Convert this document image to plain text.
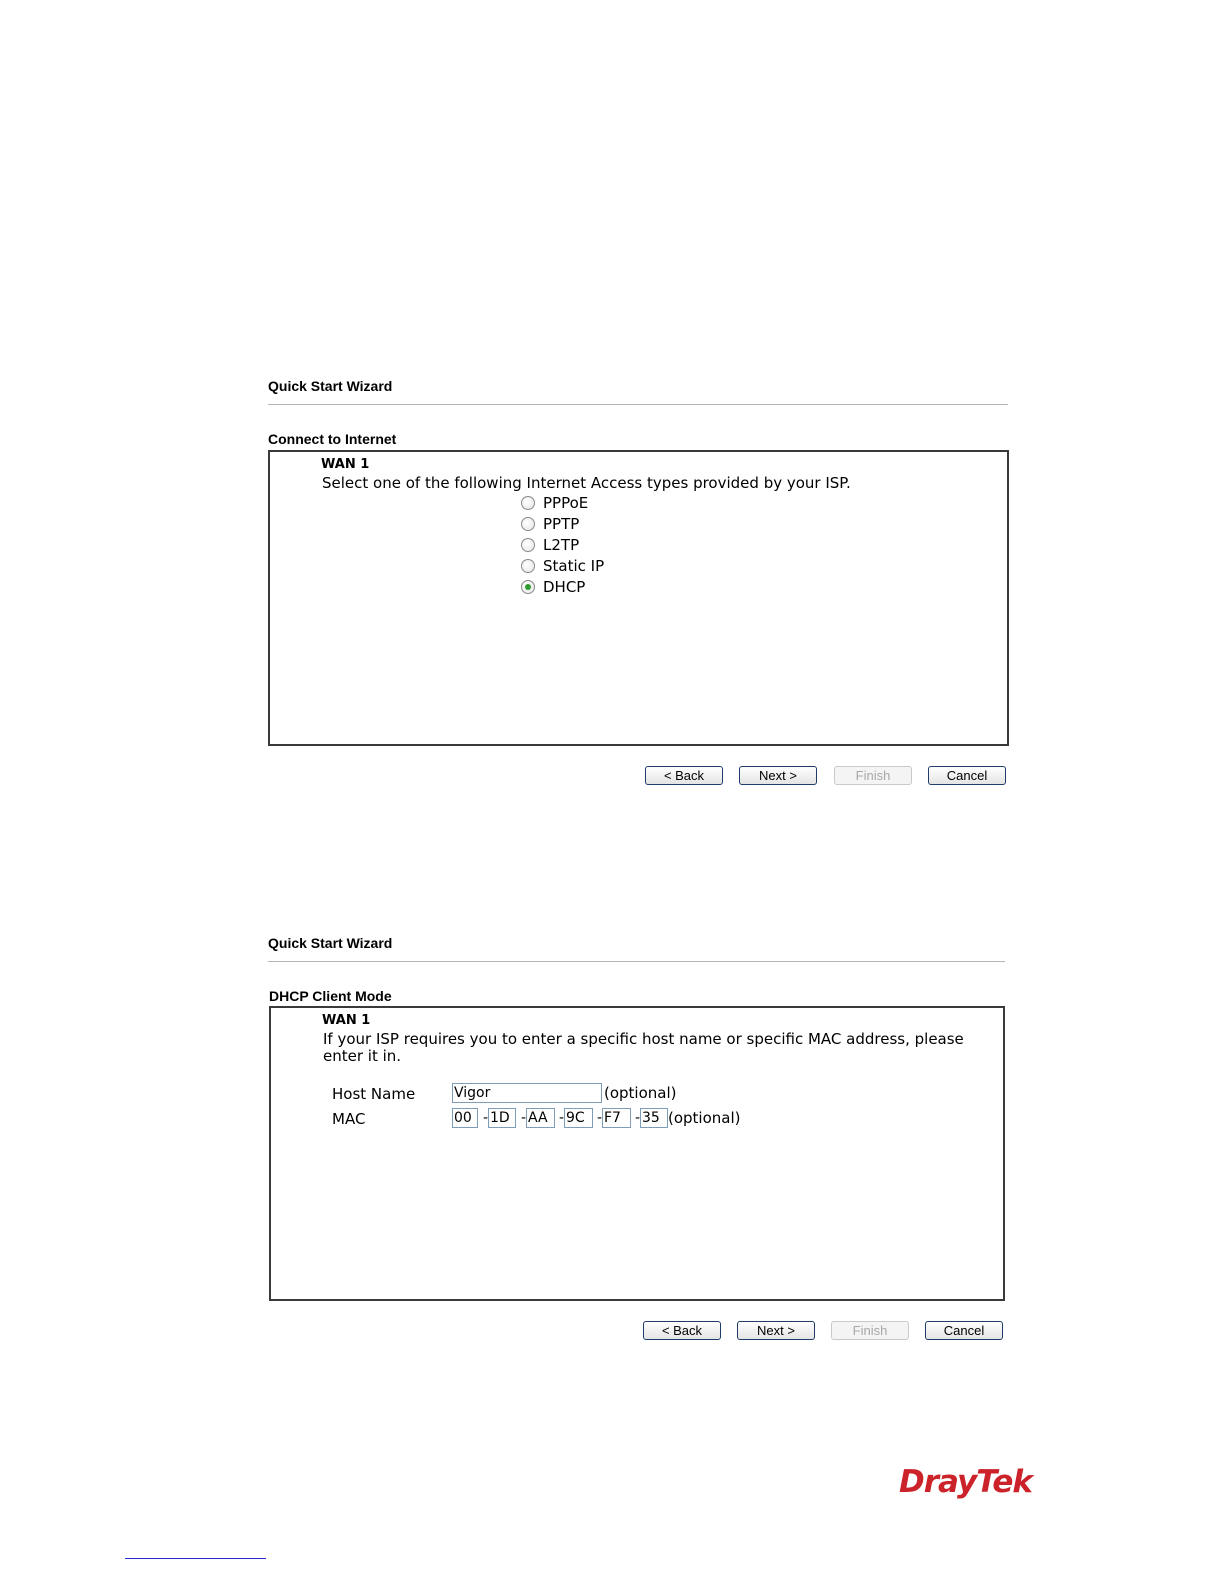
Quick Start Wizard
Connect to Internet
WAN 1
Select one of the following Internet Access types provided by your ISP.
PPPoE
PPTP
L2TP
Static IP
DHCP
< Back	Next >	Finish	Cancel
Quick Start Wizard
DHCP Client Mode
WAN 1
If your ISP requires you to enter a specific host name or specific MAC address, please
enter it in.
Host Name	Vigor	(optional)
MAC	00 - 1D - AA - 9C - F7	- 35 (optional)
< Back	Next >	Finish	Cancel
DrayTek
